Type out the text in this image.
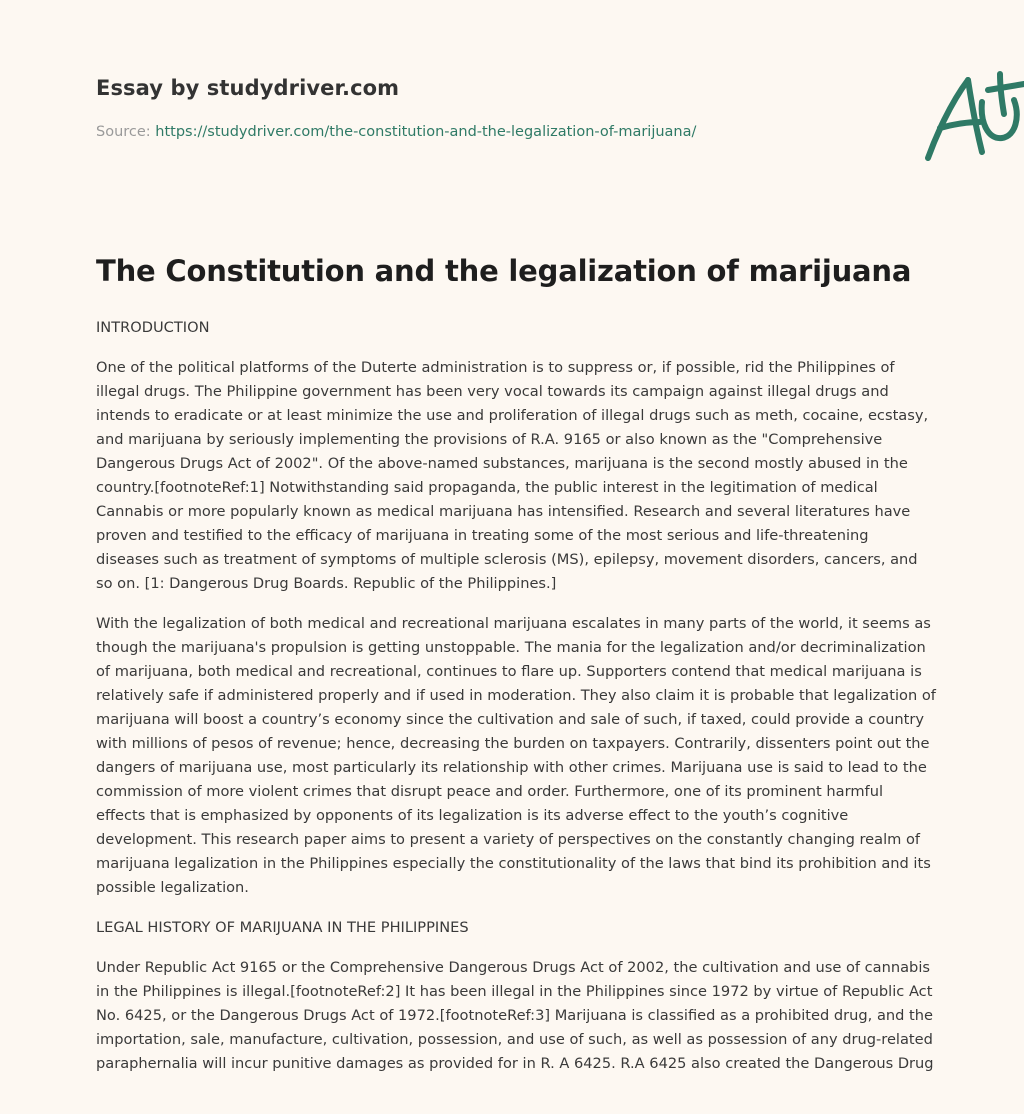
Essay by studydriver.com
Source: https://studydriver.com/the-constitution-and-the-legalization-of-marijuana/
The Constitution and the legalization of marijuana

INTRODUCTION

One of the political platforms of the Duterte administration is to suppress or, if possible, rid the Philippines of illegal drugs. The Philippine government has been very vocal towards its campaign against illegal drugs and intends to eradicate or at least minimize the use and proliferation of illegal drugs such as meth, cocaine, ecstasy, and marijuana by seriously implementing the provisions of R.A. 9165 or also known as the "Comprehensive Dangerous Drugs Act of 2002". Of the above-named substances, marijuana is the second mostly abused in the country.[footnoteRef:1] Notwithstanding said propaganda, the public interest in the legitimation of medical Cannabis or more popularly known as medical marijuana has intensified. Research and several literatures have proven and testified to the efficacy of marijuana in treating some of the most serious and life-threatening diseases such as treatment of symptoms of multiple sclerosis (MS), epilepsy, movement disorders, cancers, and so on. [1: Dangerous Drug Boards. Republic of the Philippines.]

With the legalization of both medical and recreational marijuana escalates in many parts of the world, it seems as though the marijuana's propulsion is getting unstoppable. The mania for the legalization and/or decriminalization of marijuana, both medical and recreational, continues to flare up. Supporters contend that medical marijuana is relatively safe if administered properly and if used in moderation. They also claim it is probable that legalization of marijuana will boost a country’s economy since the cultivation and sale of such, if taxed, could provide a country with millions of pesos of revenue; hence, decreasing the burden on taxpayers. Contrarily, dissenters point out the dangers of marijuana use, most particularly its relationship with other crimes. Marijuana use is said to lead to the commission of more violent crimes that disrupt peace and order. Furthermore, one of its prominent harmful effects that is emphasized by opponents of its legalization is its adverse effect to the youth’s cognitive development. This research paper aims to present a variety of perspectives on the constantly changing realm of marijuana legalization in the Philippines especially the constitutionality of the laws that bind its prohibition and its possible legalization.

LEGAL HISTORY OF MARIJUANA IN THE PHILIPPINES

Under Republic Act 9165 or the Comprehensive Dangerous Drugs Act of 2002, the cultivation and use of cannabis in the Philippines is illegal.[footnoteRef:2] It has been illegal in the Philippines since 1972 by virtue of Republic Act No. 6425, or the Dangerous Drugs Act of 1972.[footnoteRef:3] Marijuana is classified as a prohibited drug, and the importation, sale, manufacture, cultivation, possession, and use of such, as well as possession of any drug-related paraphernalia will incur punitive damages as provided for in R. A 6425. R.A 6425 also created the Dangerous Drug
